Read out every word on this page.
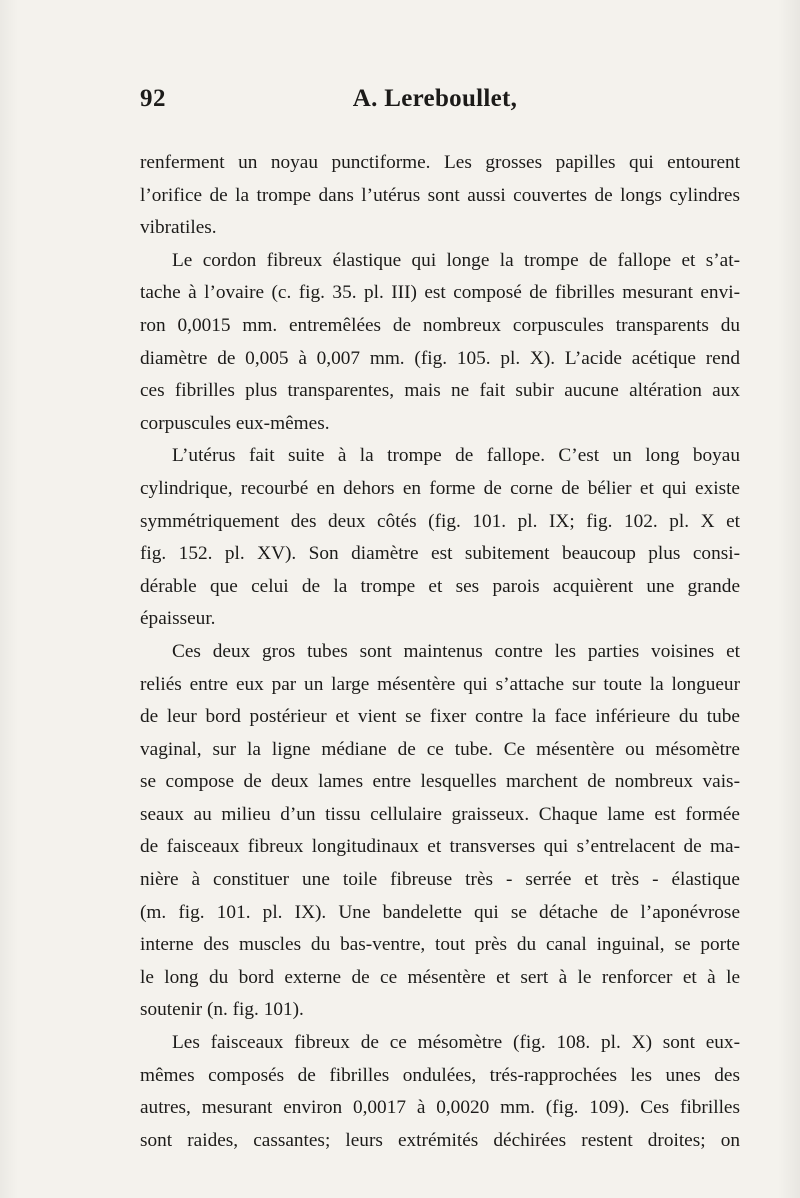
92	A. Lereboullet,
renferment un noyau punctiforme. Les grosses papilles qui entourent
l’orifice de la trompe dans l’utérus sont aussi couvertes de longs cylindres
vibratiles.
Le cordon fibreux élastique qui longe la trompe de fallope et s’at-
tache à l’ovaire (c. fig. 35. pl. III) est composé de fibrilles mesurant envi-
ron 0,0015 mm. entremêlées de nombreux corpuscules transparents du
diamètre de 0,005 à 0,007 mm. (fig. 105. pl. X). L’acide acétique rend
ces fibrilles plus transparentes, mais ne fait subir aucune altération aux
corpuscules eux-mêmes.
L’utérus fait suite à la trompe de fallope. C’est un long boyau
cylindrique, recourbé en dehors en forme de corne de bélier et qui existe
symmétriquement des deux côtés (fig. 101. pl. IX; fig. 102. pl. X et
fig. 152. pl. XV). Son diamètre est subitement beaucoup plus consi-
dérable que celui de la trompe et ses parois acquièrent une grande
épaisseur.
Ces deux gros tubes sont maintenus contre les parties voisines et
reliés entre eux par un large mésentère qui s’attache sur toute la longueur
de leur bord postérieur et vient se fixer contre la face inférieure du tube
vaginal, sur la ligne médiane de ce tube. Ce mésentère ou mésomètre
se compose de deux lames entre lesquelles marchent de nombreux vais-
seaux au milieu d’un tissu cellulaire graisseux. Chaque lame est formée
de faisceaux fibreux longitudinaux et transverses qui s’entrelacent de ma-
nière à constituer une toile fibreuse très - serrée et très - élastique
(m. fig. 101. pl. IX). Une bandelette qui se détache de l’aponévrose
interne des muscles du bas-ventre, tout près du canal inguinal, se porte
le long du bord externe de ce mésentère et sert à le renforcer et à le
soutenir (n. fig. 101).
Les faisceaux fibreux de ce mésomètre (fig. 108. pl. X) sont eux-
mêmes composés de fibrilles ondulées, trés-rapprochées les unes des
autres, mesurant environ 0,0017 à 0,0020 mm. (fig. 109). Ces fibrilles
sont raides, cassantes; leurs extrémités déchirées restent droites; on
